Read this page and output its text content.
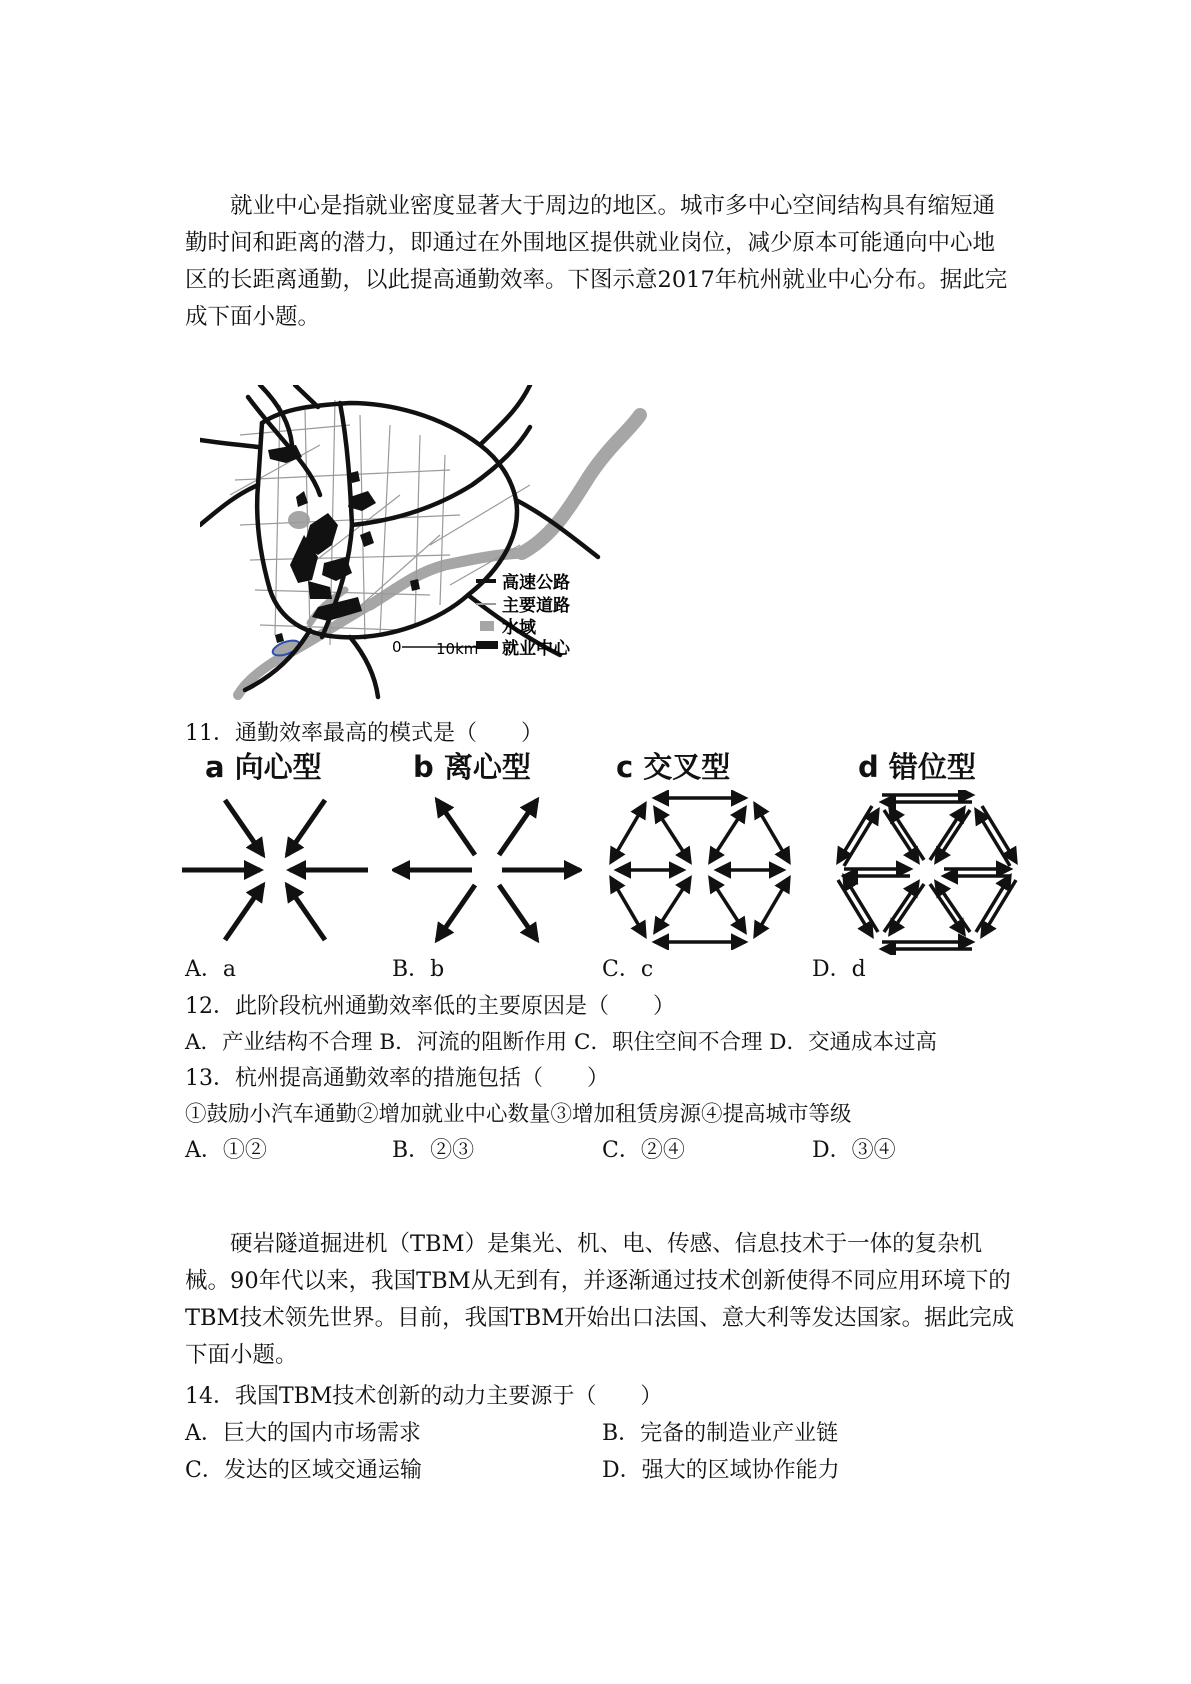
就业中心是指就业密度显著大于周边的地区。城市多中心空间结构具有缩短通勤时间和距离的潜力，即通过在外围地区提供就业岗位，减少原本可能通向中心地区的长距离通勤，以此提高通勤效率。下图示意2017年杭州就业中心分布。据此完成下面小题。

高速公路
主要道路
水域
就业中心
0 10km
11．通勤效率最高的模式是（　　）
a 向心型	b 离心型	c 交叉型	d 错位型
A．a	B．b	C．c	D．d
12．此阶段杭州通勤效率低的主要原因是（　　）
A．产业结构不合理 B．河流的阻断作用 C．职住空间不合理 D．交通成本过高
13．杭州提高通勤效率的措施包括（　　）
①鼓励小汽车通勤②增加就业中心数量③增加租赁房源④提高城市等级
A．①②	B．②③	C．②④	D．③④

硬岩隧道掘进机（TBM）是集光、机、电、传感、信息技术于一体的复杂机械。90年代以来，我国TBM从无到有，并逐渐通过技术创新使得不同应用环境下的TBM技术领先世界。目前，我国TBM开始出口法国、意大利等发达国家。据此完成下面小题。

14．我国TBM技术创新的动力主要源于（　　）
A．巨大的国内市场需求	B．完备的制造业产业链
C．发达的区域交通运输	D．强大的区域协作能力
